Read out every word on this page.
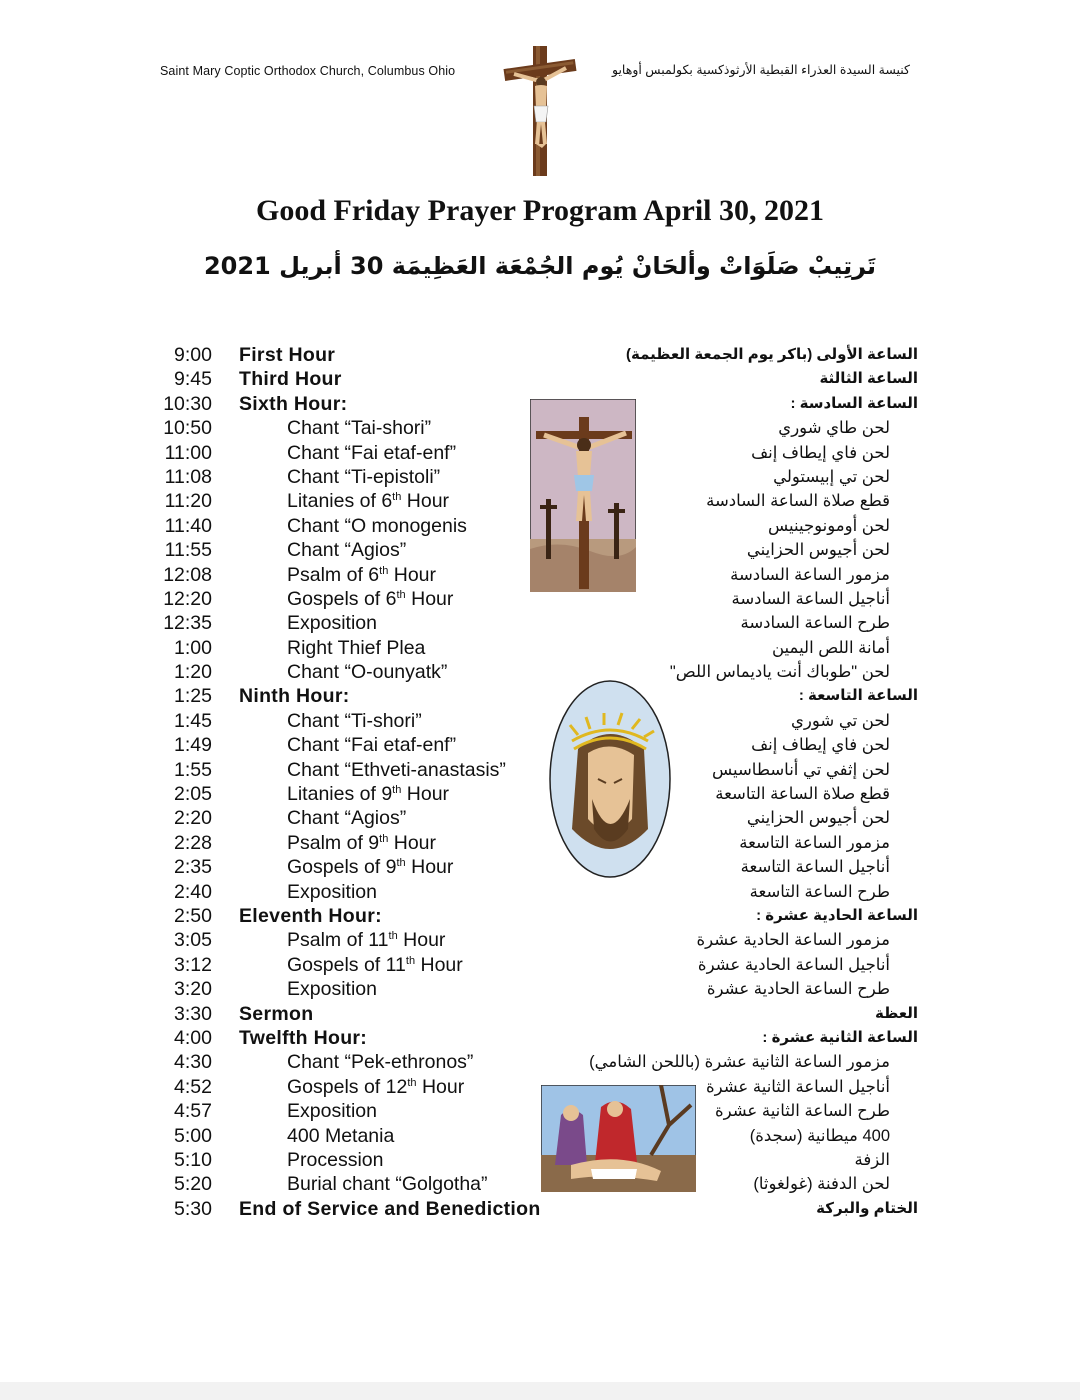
Saint Mary Coptic Orthodox Church, Columbus Ohio	كنيسة السيدة العذراء القبطية الأرثوذكسية بكولمبس أوهايو
Good Friday Prayer Program April 30, 2021
تَرتِيبْ صَلَوَاتْ وألحَانْ يُوم الجُمْعَة العَظِيمَة 30 أبريل 2021
9:00 First Hour	الساعة الأولى (باكر يوم الجمعة العظيمة)
9:45 Third Hour	الساعة الثالثة
10:30 Sixth Hour:	الساعة السادسة :
10:50	Chant “Tai-shori”	لحن طاي شوري
11:00	Chant “Fai etaf-enf”	لحن فاي إيطاف إنف
11:08	Chant “Ti-epistoli”	لحن تي إبيستولي
11:20	Litanies of 6th Hour	قطع صلاة الساعة السادسة
11:40	Chant “O monogenis	لحن أومونوجينيس
11:55	Chant “Agios”	لحن أجيوس الحزايني
12:08	Psalm of 6th Hour	مزمور الساعة السادسة
12:20	Gospels of 6th Hour	أناجيل الساعة السادسة
12:35	Exposition	طرح الساعة السادسة
1:00	Right Thief Plea	أمانة اللص اليمين
1:20	Chant “O-ounyatk”	لحن "طوباك أنت ياديماس اللص"
1:25 Ninth Hour:	الساعة التاسعة :
1:45	Chant “Ti-shori”	لحن تي شوري
1:49	Chant “Fai etaf-enf”	لحن فاي إيطاف إنف
1:55	Chant “Ethveti-anastasis”	لحن إثفي تي أناسطاسيس
2:05	Litanies of 9th Hour	قطع صلاة الساعة التاسعة
2:20	Chant “Agios”	لحن أجيوس الحزايني
2:28	Psalm of 9th Hour	مزمور الساعة التاسعة
2:35	Gospels of 9th Hour	أناجيل الساعة التاسعة
2:40	Exposition	طرح الساعة التاسعة
2:50 Eleventh Hour:	الساعة الحادية عشرة :
3:05	Psalm of 11th Hour	مزمور الساعة الحادية عشرة
3:12	Gospels of 11th Hour	أناجيل الساعة الحادية عشرة
3:20	Exposition	طرح الساعة الحادية عشرة
3:30 Sermon	العظة
4:00 Twelfth Hour:	الساعة الثانية عشرة :
4:30	Chant “Pek-ethronos”	مزمور الساعة الثانية عشرة (باللحن الشامي)
4:52	Gospels of 12th Hour	أناجيل الساعة الثانية عشرة
4:57	Exposition	طرح الساعة الثانية عشرة
5:00	400 Metania	400 ميطانية (سجدة)
5:10	Procession	الزفة
5:20	Burial chant “Golgotha”	لحن الدفنة (غولغوثا)
5:30 End of Service and Benediction	الختام والبركة
